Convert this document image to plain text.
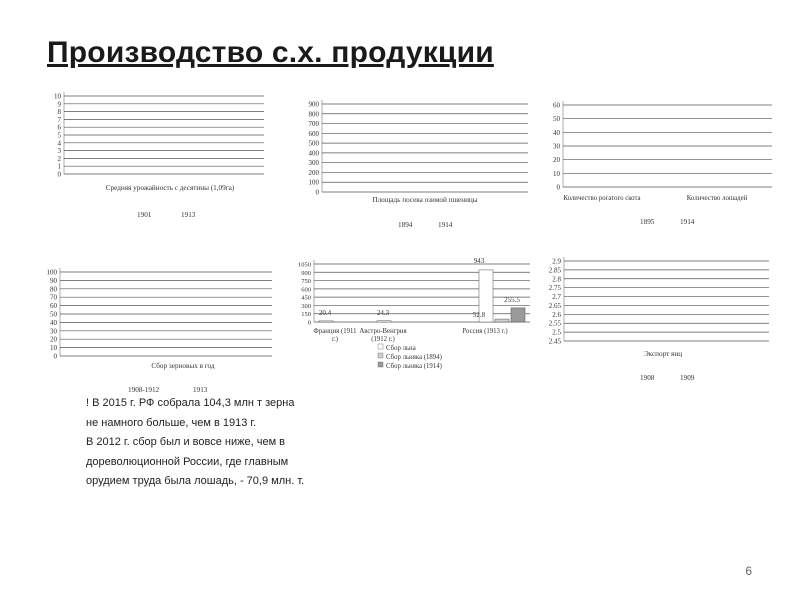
Производство с.х. продукции
0
1
2
3
4
5
6
7
8
9
10
Средняя урожайность с десятины (1,09га)
1901	1913
0
100
200
300
400
500
600
700
800
900
Площадь посева озимой пшеницы
1894	1914
0
10
20
30
40
50
60
Количество рогатого скота	Количество лошадей
1895	1914
0
10
20
30
40
50
60
70
80
90
100
Сбор зерновых в год
1908-1912	1913
0
150
300
450
600
750
900
1050
20.4	24.3
943
52.8
255.5
Франция (1911
г.)
Австро-Венгрия
(1912 г.)
Россия (1913 г.)
Сбор льна
Сбор льняка (1894)
Сбор льняка (1914)
2.45
2.5
2.55
2.6
2.65
2.7
2.75
2.8
2.85
2.9
Экспорт яиц
1908	1909
! В 2015 г. РФ собрала 104,3 млн т зерна
не намного больше, чем в 1913 г.
В 2012 г. сбор был и вовсе ниже, чем в
дореволюционной России, где главным
орудием труда была лошадь, - 70,9 млн. т.
6
